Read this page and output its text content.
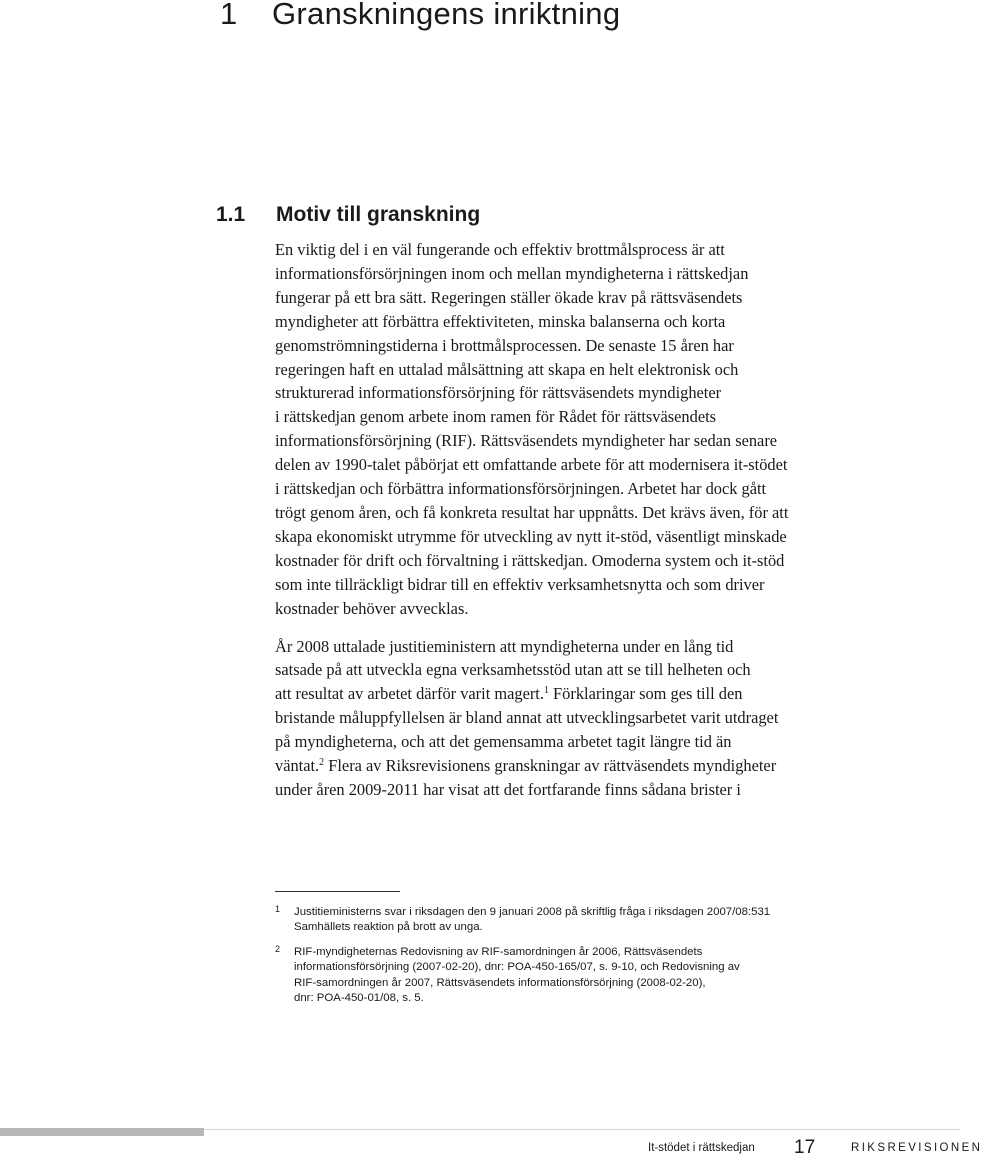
1 Granskningens inriktning
1.1 Motiv till granskning

En viktig del i en väl fungerande och effektiv brottmålsprocess är att
informationsförsörjningen inom och mellan myndigheterna i rättskedjan
fungerar på ett bra sätt. Regeringen ställer ökade krav på rättsväsendets
myndigheter att förbättra effektiviteten, minska balanserna och korta
genomströmningstiderna i brottmålsprocessen. De senaste 15 åren har
regeringen haft en uttalad målsättning att skapa en helt elektronisk och
strukturerad informationsförsörjning för rättsväsendets myndigheter
i rättskedjan genom arbete inom ramen för Rådet för rättsväsendets
informationsförsörjning (RIF). Rättsväsendets myndigheter har sedan senare
delen av 1990-talet påbörjat ett omfattande arbete för att modernisera it-stödet
i rättskedjan och förbättra informationsförsörjningen. Arbetet har dock gått
trögt genom åren, och få konkreta resultat har uppnåtts. Det krävs även, för att
skapa ekonomiskt utrymme för utveckling av nytt it-stöd, väsentligt minskade
kostnader för drift och förvaltning i rättskedjan. Omoderna system och it-stöd
som inte tillräckligt bidrar till en effektiv verksamhetsnytta och som driver
kostnader behöver avvecklas.

År 2008 uttalade justitieministern att myndigheterna under en lång tid
satsade på att utveckla egna verksamhetsstöd utan att se till helheten och
att resultat av arbetet därför varit magert.$^1$ Förklaringar som ges till den
bristande måluppfyllelsen är bland annat att utvecklingsarbetet varit utdraget
på myndigheterna, och att det gemensamma arbetet tagit längre tid än
väntat.$^2$ Flera av Riksrevisionens granskningar av rättväsendets myndigheter
under åren 2009-2011 har visat att det fortfarande finns sådana brister i

1 Justitieministerns svar i riksdagen den 9 januari 2008 på skriftlig fråga i riksdagen 2007/08:531
Samhällets reaktion på brott av unga.
2 RIF-myndigheternas Redovisning av RIF-samordningen år 2006, Rättsväsendets
informationsförsörjning (2007-02-20), dnr: POA-450-165/07, s. 9-10, och Redovisning av
RIF-samordningen år 2007, Rättsväsendets informationsförsörjning (2008-02-20),
dnr: POA-450-01/08, s. 5.
It-stödet i rättskedjan 17	RIKSREVISIONEN
